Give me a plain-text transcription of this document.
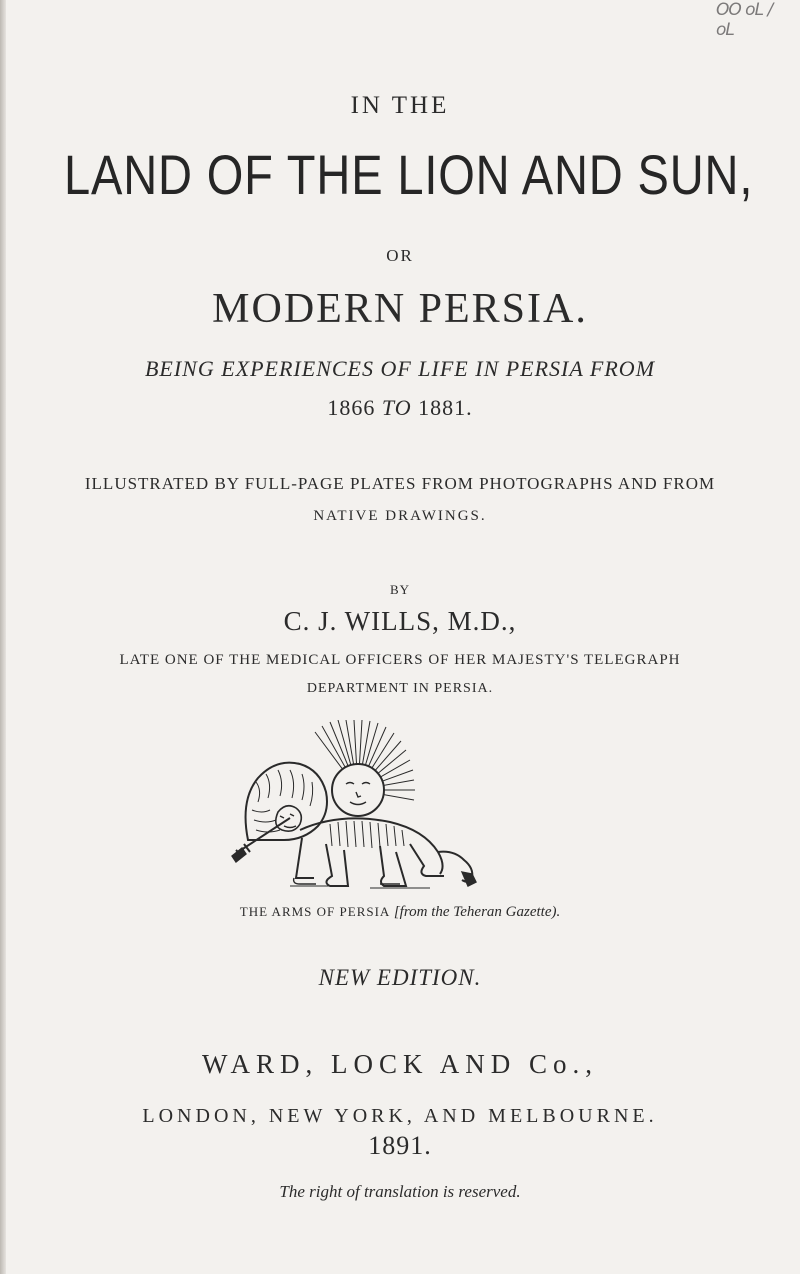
OO oL / oL
IN THE
LAND OF THE LION AND SUN,
OR
MODERN PERSIA.
BEING EXPERIENCES OF LIFE IN PERSIA FROM
1866 TO 1881.
ILLUSTRATED BY FULL-PAGE PLATES FROM PHOTOGRAPHS AND FROM
NATIVE DRAWINGS.
BY
C. J. WILLS, M.D.,
LATE ONE OF THE MEDICAL OFFICERS OF HER MAJESTY'S TELEGRAPH
DEPARTMENT IN PERSIA.
THE ARMS OF PERSIA [from the Teheran Gazette).
NEW EDITION.
WARD, LOCK AND Co.,
LONDON, NEW YORK, AND MELBOURNE.
1891.
The right of translation is reserved.
